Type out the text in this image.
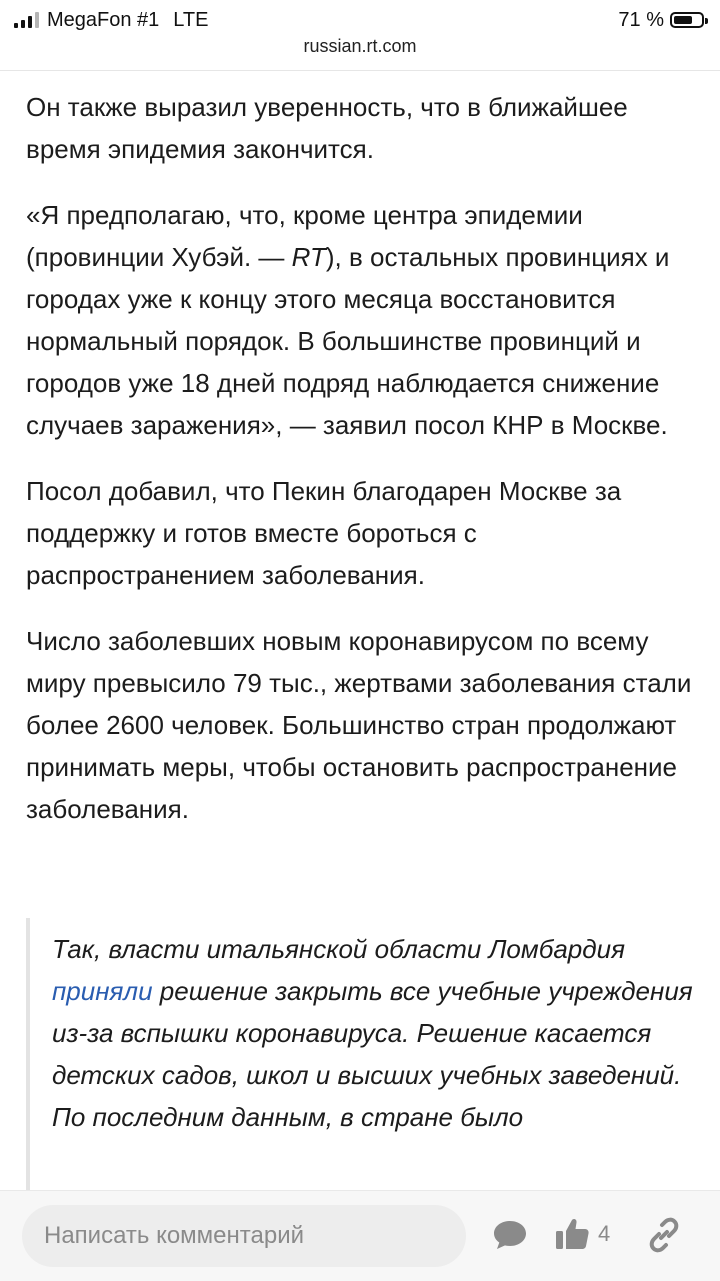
MegaFon #1 LTE	71 %
russian.rt.com

Он также выразил уверенность, что в ближайшее время эпидемия закончится.

«Я предполагаю, что, кроме центра эпидемии (провинции Хубэй. — RT), в остальных провинциях и городах уже к концу этого месяца восстановится нормальный порядок. В большинстве провинций и городов уже 18 дней подряд наблюдается снижение случаев заражения», — заявил посол КНР в Москве.

Посол добавил, что Пекин благодарен Москве за поддержку и готов вместе бороться с распространением заболевания.

Число заболевших новым коронавирусом по всему миру превысило 79 тыс., жертвами заболевания стали более 2600 человек. Большинство стран продолжают принимать меры, чтобы остановить распространение заболевания.

Так, власти итальянской области Ломбардия приняли решение закрыть все учебные учреждения из-за вспышки коронавируса. Решение касается детских садов, школ и высших учебных заведений. По последним данным, в стране было
Написать комментарий	4
